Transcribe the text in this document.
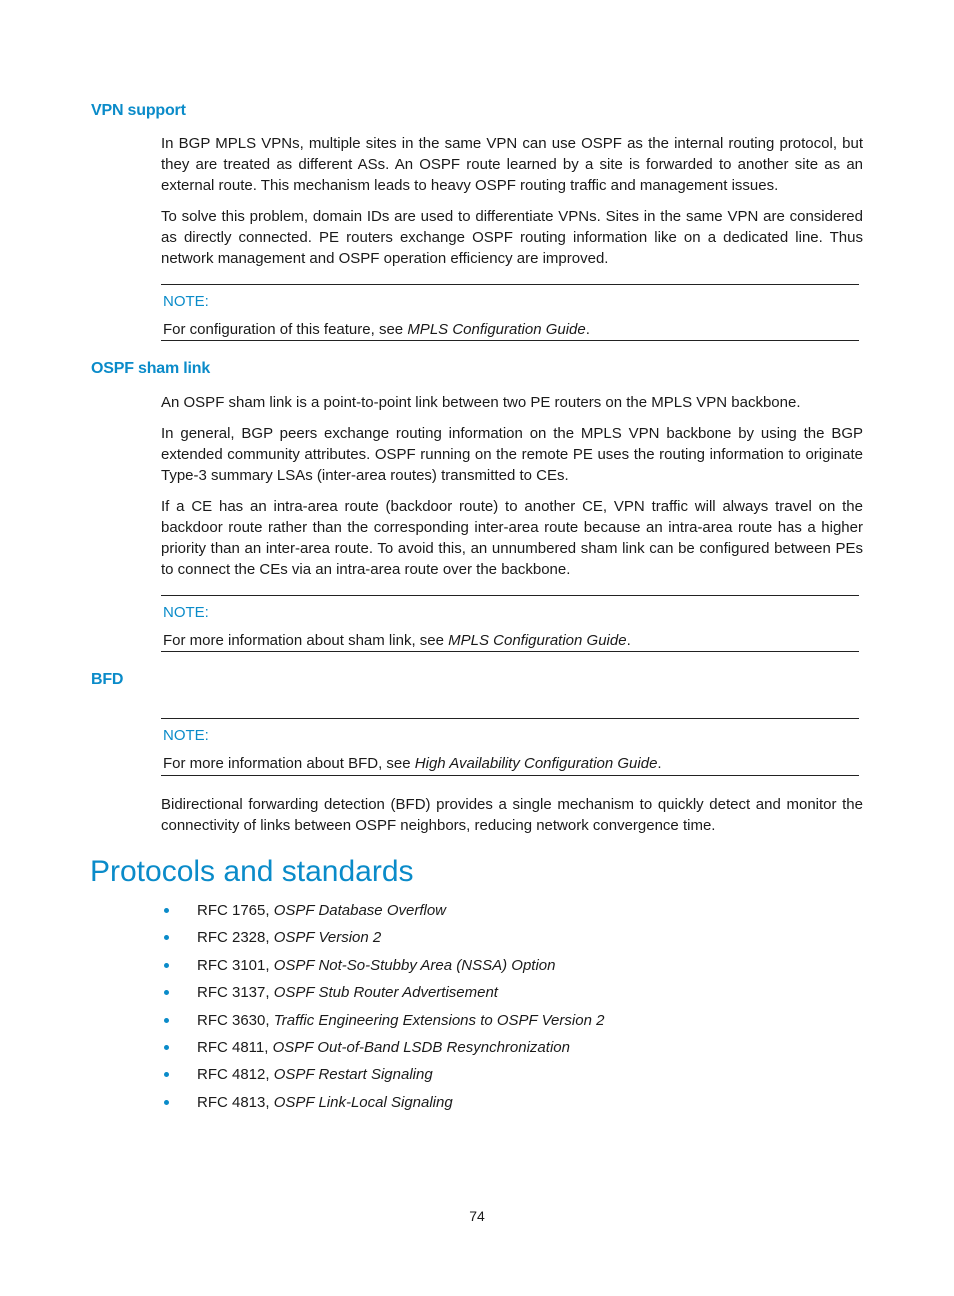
VPN support

In BGP MPLS VPNs, multiple sites in the same VPN can use OSPF as the internal routing protocol, but they are treated as different ASs. An OSPF route learned by a site is forwarded to another site as an external route. This mechanism leads to heavy OSPF routing traffic and management issues.

To solve this problem, domain IDs are used to differentiate VPNs. Sites in the same VPN are considered as directly connected. PE routers exchange OSPF routing information like on a dedicated line. Thus network management and OSPF operation efficiency are improved.

NOTE:
For configuration of this feature, see MPLS Configuration Guide.
OSPF sham link

An OSPF sham link is a point-to-point link between two PE routers on the MPLS VPN backbone.

In general, BGP peers exchange routing information on the MPLS VPN backbone by using the BGP extended community attributes. OSPF running on the remote PE uses the routing information to originate Type-3 summary LSAs (inter-area routes) transmitted to CEs.

If a CE has an intra-area route (backdoor route) to another CE, VPN traffic will always travel on the backdoor route rather than the corresponding inter-area route because an intra-area route has a higher priority than an inter-area route. To avoid this, an unnumbered sham link can be configured between PEs to connect the CEs via an intra-area route over the backbone.

NOTE:
For more information about sham link, see MPLS Configuration Guide.
BFD
NOTE:
For more information about BFD, see High Availability Configuration Guide.

Bidirectional forwarding detection (BFD) provides a single mechanism to quickly detect and monitor the connectivity of links between OSPF neighbors, reducing network convergence time.

Protocols and standards
RFC 1765, OSPF Database Overflow
RFC 2328, OSPF Version 2
RFC 3101, OSPF Not-So-Stubby Area (NSSA) Option
RFC 3137, OSPF Stub Router Advertisement
RFC 3630, Traffic Engineering Extensions to OSPF Version 2
RFC 4811, OSPF Out-of-Band LSDB Resynchronization
RFC 4812, OSPF Restart Signaling
RFC 4813, OSPF Link-Local Signaling
74
